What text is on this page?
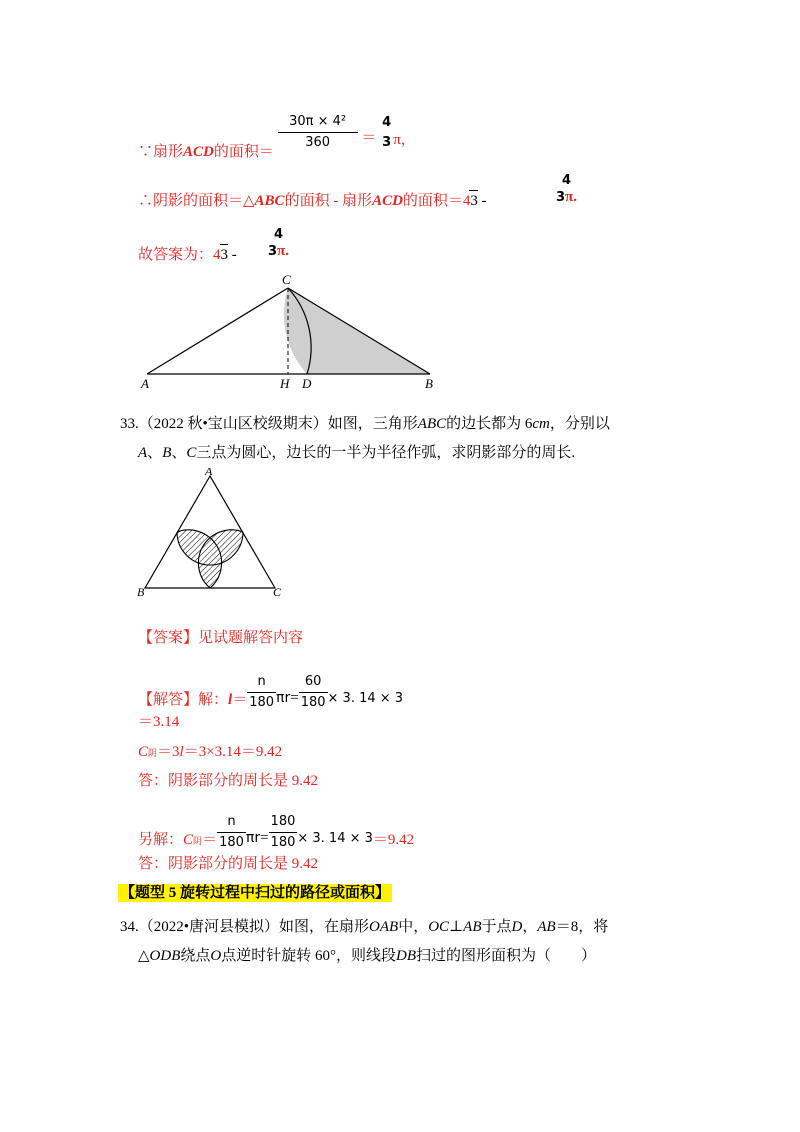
∵扇形ACD的面积＝ $\frac{\text{30π × 4²}}{360}$ ＝
4
3 π，
∴阴影的面积＝△ABC的面积 - 扇形ACD的面积＝43 -
4
3π.
故答案为：43 -
4
3π.
A	B
C
H D
33.（2022 秋•宝山区校级期末）如图，三角形ABC的边长都为 6cm，分别以
A、B、C三点为圆心，边长的一半为半径作弧，求阴影部分的周长.
A
B	C
【答案】见试题解答内容
【解答】解：$l= \frac{n}{180} \pi r= \frac{60}{180} \times 3$. 14 × 3
＝3.14
C阴＝3l＝3×3.14＝9.42
答：阴影部分的周长是 9.42
另解：$C_阴= \frac{n}{180} \pi r= \frac{180}{180} \times 3$. 14 × 3＝9.42
答：阴影部分的周长是 9.42
【题型 5 旋转过程中扫过的路径或面积】
34.（2022•唐河县模拟）如图，在扇形OAB中，OC⊥AB于点D，AB＝8，将
△ODB绕点O点逆时针旋转 60°，则线段DB扫过的图形面积为（　　）
